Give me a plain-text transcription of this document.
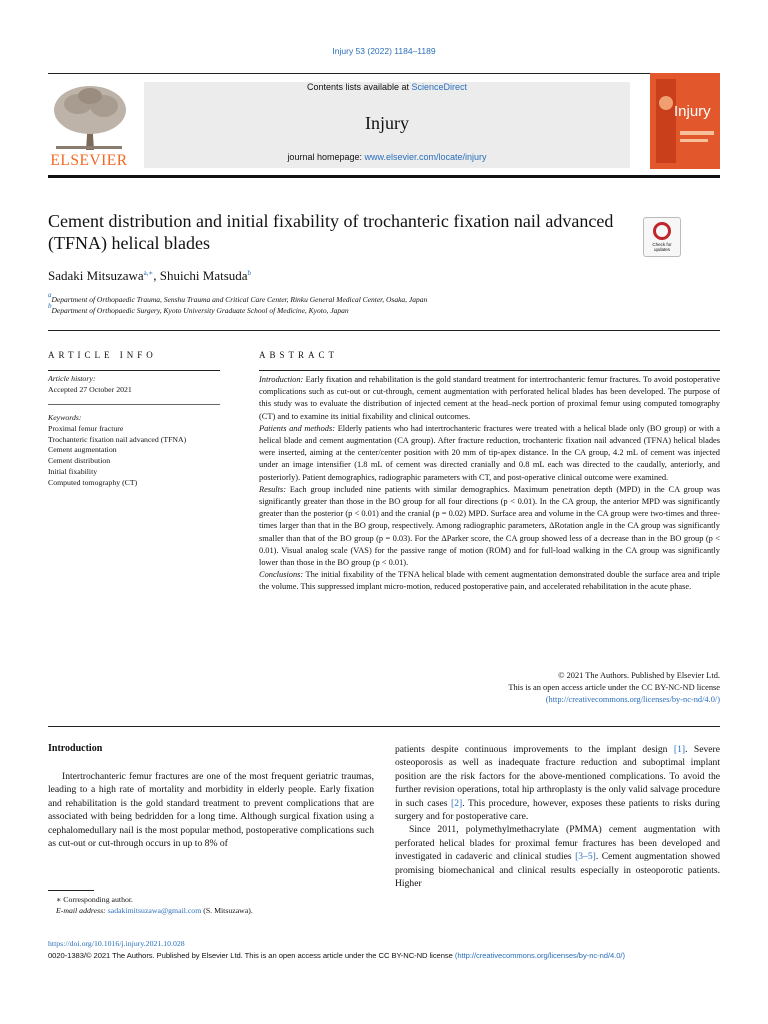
Injury 53 (2022) 1184–1189
ELSEVIER
Contents lists available at ScienceDirect
Injury
journal homepage: www.elsevier.com/locate/injury
Injury
Cement distribution and initial fixability of trochanteric fixation nail advanced (TFNA) helical blades	Check for updates
Sadaki Mitsuzawa$^{a,∗}$, Shuichi Matsuda$^b$
$^a$Department of Orthopaedic Trauma, Senshu Trauma and Critical Care Center, Rinku General Medical Center, Osaka, Japan
$^b$Department of Orthopaedic Surgery, Kyoto University Graduate School of Medicine, Kyoto, Japan
ARTICLE INFO	ABSTRACT
Article history:
Accepted 27 October 2021
Keywords:
Proximal femur fracture
Trochanteric fixation nail advanced (TFNA)
Cement augmentation
Cement distribution
Initial fixability
Computed tomography (CT)

Introduction: Early fixation and rehabilitation is the gold standard treatment for intertrochanteric femur fractures. To avoid postoperative complications such as cut-out or cut-through, cement augmentation with perforated helical blades has been developed. The purpose of this study was to evaluate the distribution of injected cement at the head–neck portion of proximal femur using computed tomography (CT) and to examine its initial fixability and clinical outcomes.

Patients and methods: Elderly patients who had intertrochanteric fractures were treated with a helical blade only (BO group) or with a helical blade and cement augmentation (CA group). After fracture reduction, trochanteric fixation nail advanced (TFNA) helical blades were inserted, aiming at the center/center position with 20 mm of tip-apex distance. In the CA group, 4.2 mL of cement was injected under an image intensifier (1.8 mL of cement was directed cranially and 0.8 mL each was directed to the caudally, anteriorly, and posteriorly). Patient demographics, radiographic parameters with CT, and post-operative clinical outcome were examined.

Results: Each group included nine patients with similar demographics. Maximum penetration depth (MPD) in the CA group was significantly greater than those in the BO group for all four directions (p < 0.01). In the CA group, the anterior MPD was significantly greater than the posterior (p < 0.01) and the cranial (p = 0.02) MPD. Surface area and volume in the CA group were two-times and three-times larger than that in the BO group, respectively. Among radiographic parameters, ΔRotation angle in the CA group was significantly smaller than that of the BO group (p = 0.03). For the ΔParker score, the CA group showed less of a decrease than in the BO group (p < 0.01). Visual analog scale (VAS) for the passive range of motion (ROM) and for full-load walking in the CA group was significantly lower than those in the BO group (p < 0.01).

Conclusions: The initial fixability of the TFNA helical blade with cement augmentation demonstrated double the surface area and triple the volume. This suppressed implant micro-motion, reduced postoperative pain, and accelerated rehabilitation in the acute phase.

© 2021 The Authors. Published by Elsevier Ltd.
This is an open access article under the CC BY-NC-ND license
(http://creativecommons.org/licenses/by-nc-nd/4.0/)
Introduction

Intertrochanteric femur fractures are one of the most frequent geriatric traumas, leading to a high rate of mortality and morbidity in elderly people. Early fixation and rehabilitation is the gold standard treatment to prevent complications that are associated with being bedridden for a long time. Although surgical fixation using a cephalomedullary nail is the most popular method, postoperative complications such as cut-out or cut-through occurs in up to 8% of

patients despite continuous improvements to the implant design [1]. Severe osteoporosis as well as inadequate fracture reduction and suboptimal implant position are the risk factors for the above-mentioned complications. To avoid the further revision operations, total hip arthroplasty is the only valid salvage procedure in such cases [2]. This procedure, however, exposes these patients to risks during surgery and for postoperative care.

Since 2011, polymethylmethacrylate (PMMA) cement augmentation with perforated helical blades for proximal femur fractures has been developed and investigated in cadaveric and clinical studies [3–5]. Cement augmentation showed promising biomechanical and clinical results especially in osteoporotic patients. Higher

∗ Corresponding author.
E-mail address: sadakimitsuzawa@gmail.com (S. Mitsuzawa).
https://doi.org/10.1016/j.injury.2021.10.028
0020-1383/© 2021 The Authors. Published by Elsevier Ltd. This is an open access article under the CC BY-NC-ND license (http://creativecommons.org/licenses/by-nc-nd/4.0/)
